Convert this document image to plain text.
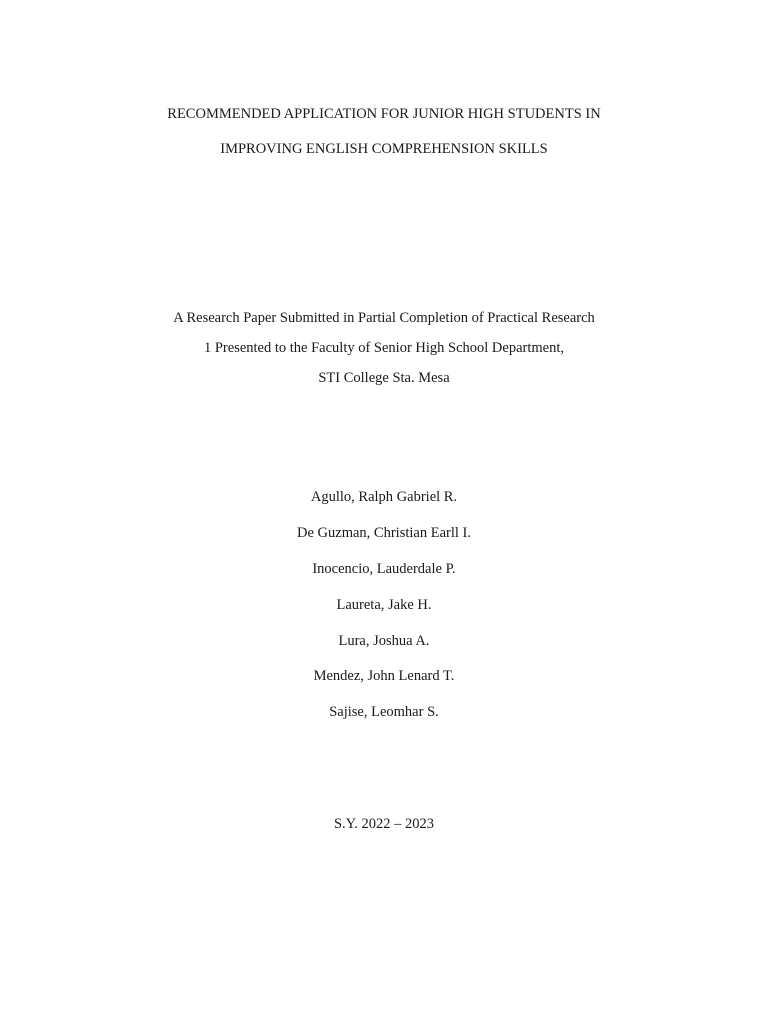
RECOMMENDED APPLICATION FOR JUNIOR HIGH STUDENTS IN
IMPROVING ENGLISH COMPREHENSION SKILLS
A Research Paper Submitted in Partial Completion of Practical Research
1 Presented to the Faculty of Senior High School Department,
STI College Sta. Mesa
Agullo, Ralph Gabriel R.
De Guzman, Christian Earll I.
Inocencio, Lauderdale P.
Laureta, Jake H.
Lura, Joshua A.
Mendez, John Lenard T.
Sajise, Leomhar S.
S.Y. 2022 – 2023
